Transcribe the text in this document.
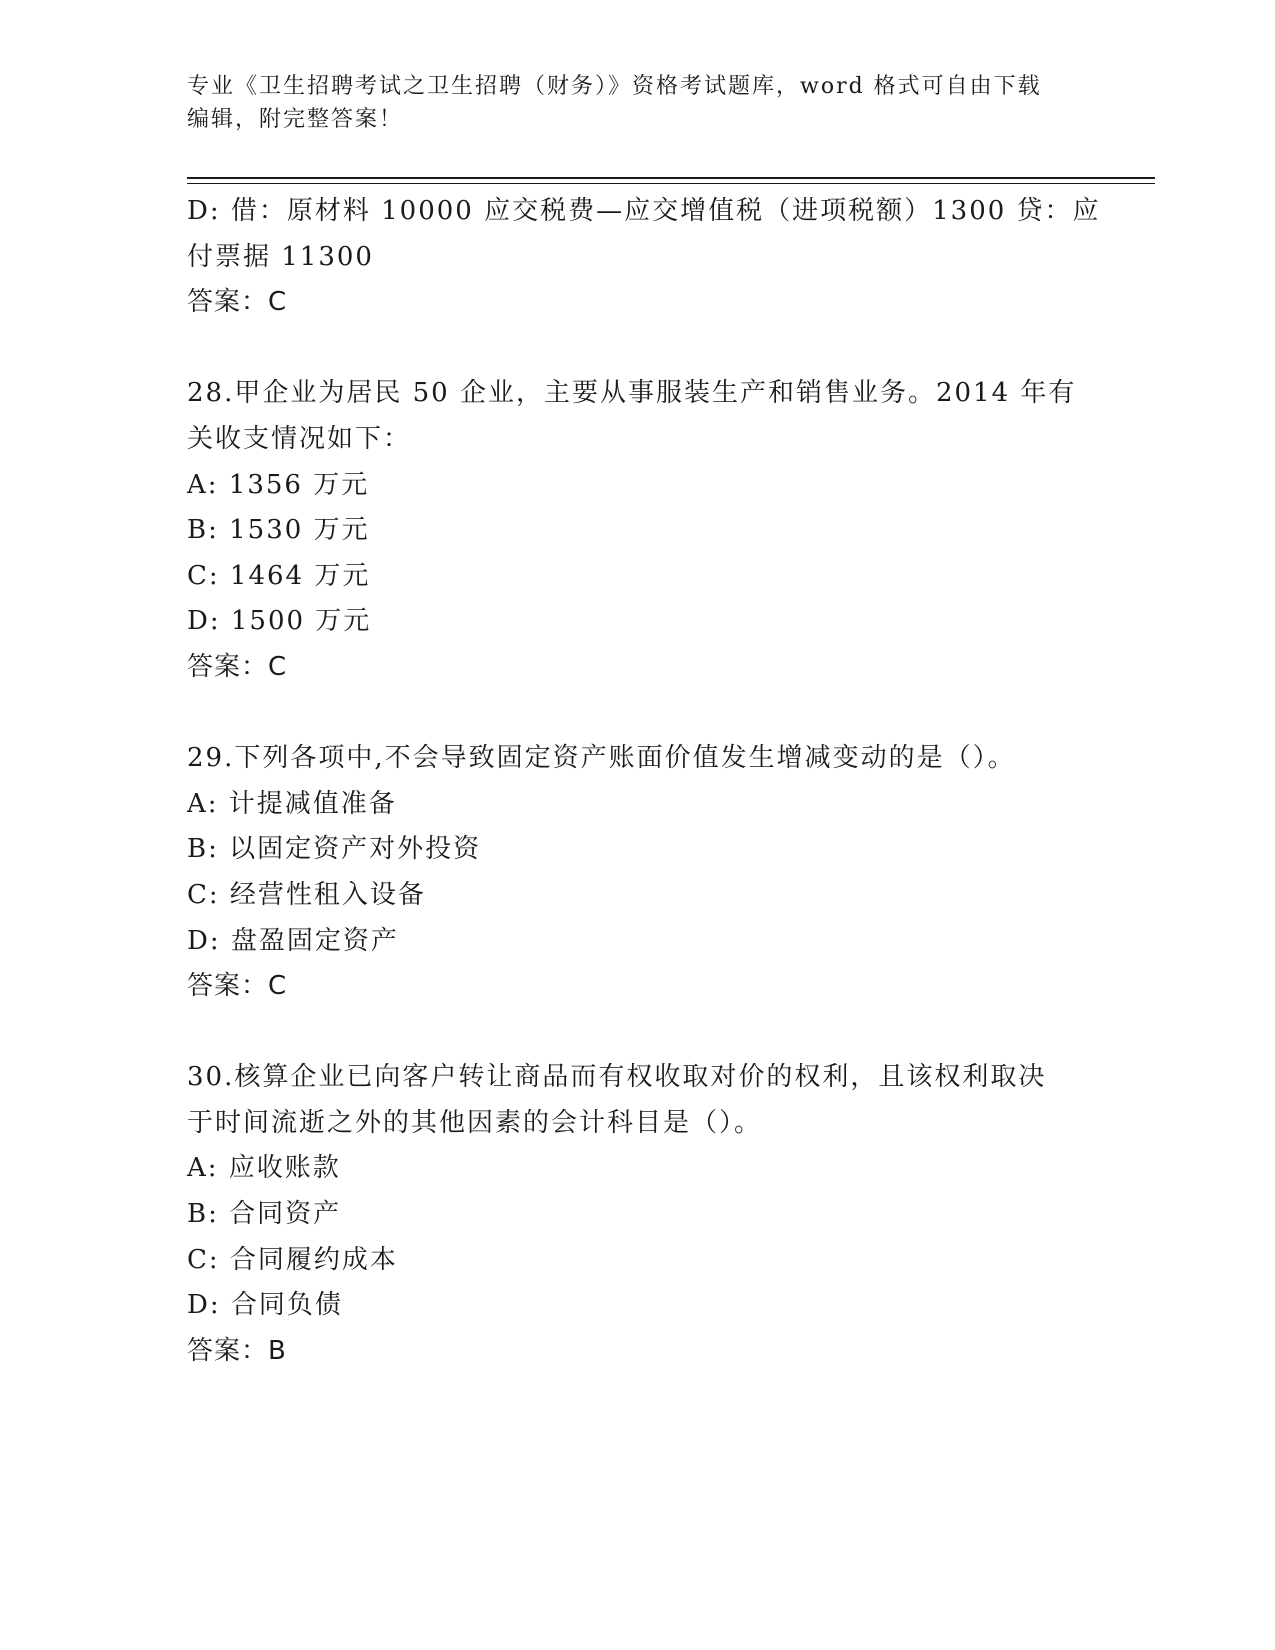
专业《卫生招聘考试之卫生招聘（财务）》资格考试题库，word 格式可自由下载
编辑，附完整答案！
D: 借：原材料 10000 应交税费—应交增值税（进项税额）1300 贷：应
付票据 11300
答案：C
28.甲企业为居民 50 企业，主要从事服装生产和销售业务。2014 年有
关收支情况如下：
A: 1356 万元
B: 1530 万元
C: 1464 万元
D: 1500 万元
答案：C
29.下列各项中,不会导致固定资产账面价值发生增减变动的是（）。
A: 计提减值准备
B: 以固定资产对外投资
C: 经营性租入设备
D: 盘盈固定资产
答案：C
30.核算企业已向客户转让商品而有权收取对价的权利，且该权利取决
于时间流逝之外的其他因素的会计科目是（）。
A: 应收账款
B: 合同资产
C: 合同履约成本
D: 合同负债
答案：B
